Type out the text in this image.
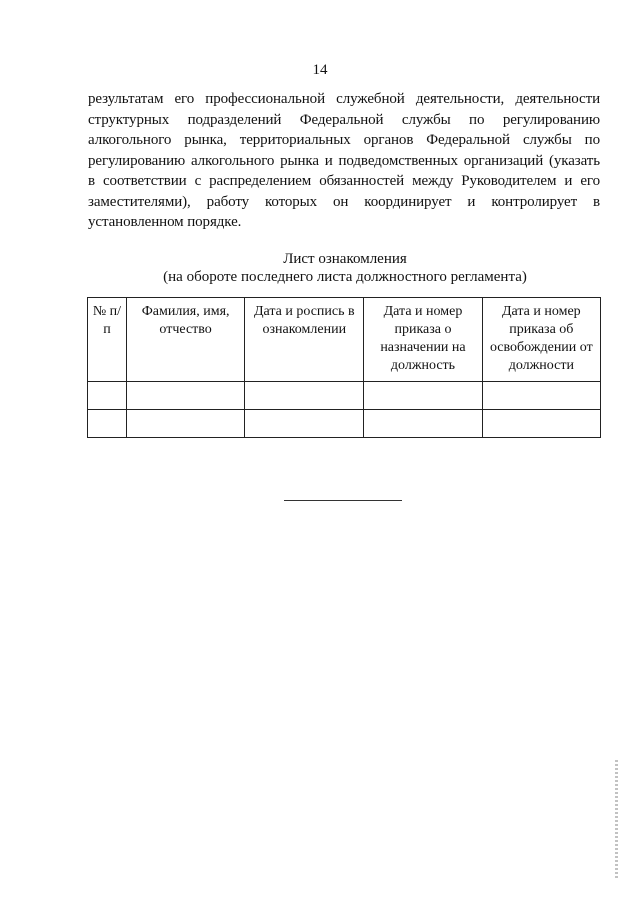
14
результатам его профессиональной служебной деятельности, деятельности
структурных подразделений Федеральной службы по регулированию
алкогольного рынка, территориальных органов Федеральной службы по
регулированию алкогольного рынка и подведомственных организаций (указать
в соответствии с распределением обязанностей между Руководителем и его
заместителями), работу которых он координирует и контролирует в
установленном порядке.
Лист ознакомления
(на обороте последнего листа должностного регламента)
№ п/п	Фамилия, имя, отчество	Дата и роспись в ознакомлении	Дата и номер приказа о назначении на должность	Дата и номер приказа об освобождении от должности
